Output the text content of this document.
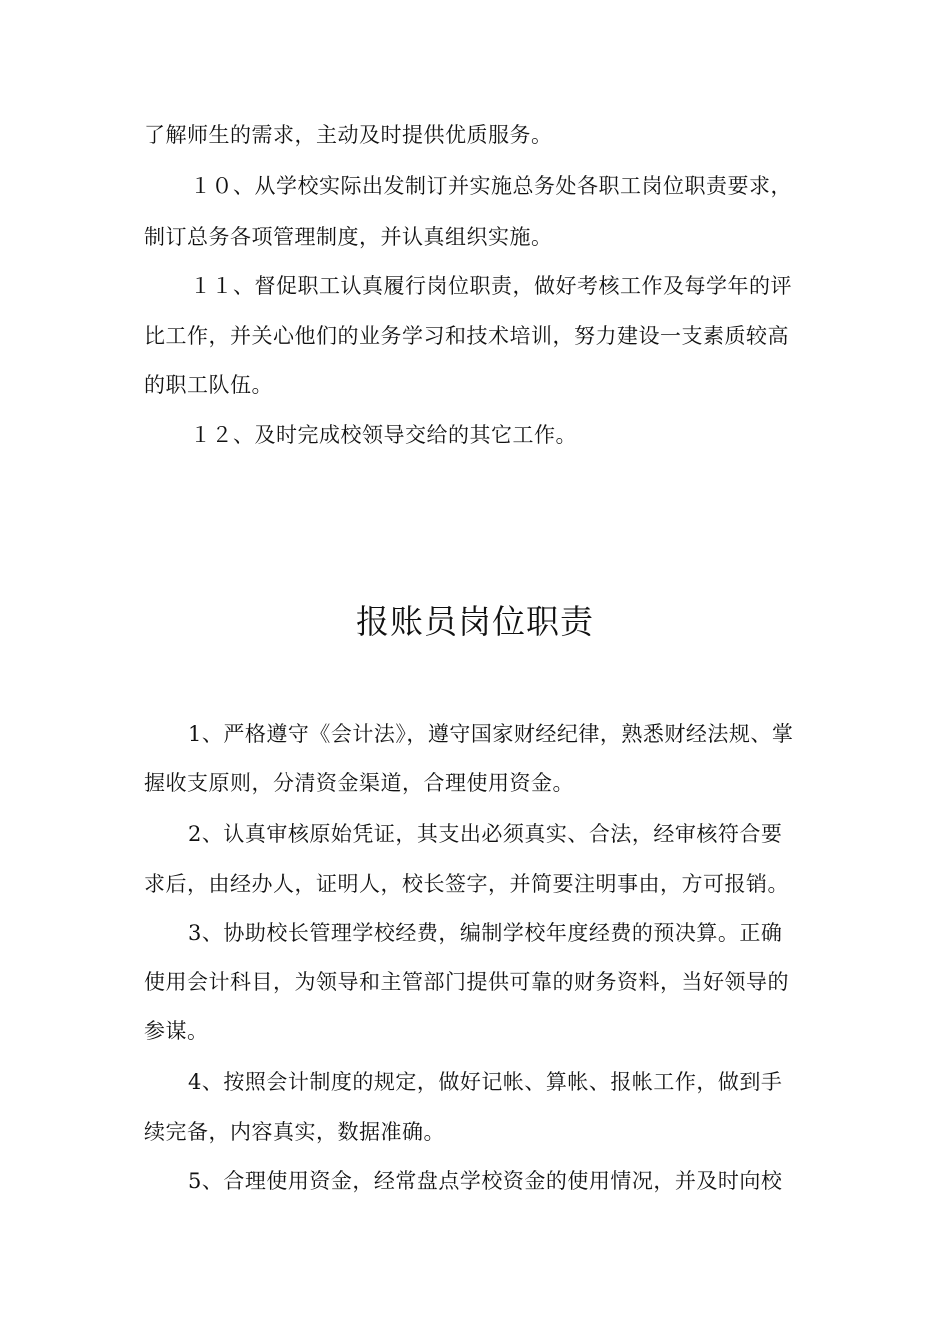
了解师生的需求，主动及时提供优质服务。
１０、从学校实际出发制订并实施总务处各职工岗位职责要求，
制订总务各项管理制度，并认真组织实施。
１１、督促职工认真履行岗位职责，做好考核工作及每学年的评
比工作，并关心他们的业务学习和技术培训，努力建设一支素质较高
的职工队伍。
１２、及时完成校领导交给的其它工作。
报账员岗位职责
1、严格遵守《会计法》，遵守国家财经纪律，熟悉财经法规、掌
握收支原则，分清资金渠道，合理使用资金。
2、认真审核原始凭证，其支出必须真实、合法，经审核符合要
求后，由经办人，证明人，校长签字，并简要注明事由，方可报销。
3、协助校长管理学校经费，编制学校年度经费的预决算。正确
使用会计科目，为领导和主管部门提供可靠的财务资料，当好领导的
参谋。
4、按照会计制度的规定，做好记帐、算帐、报帐工作，做到手
续完备，内容真实，数据准确。
5、合理使用资金，经常盘点学校资金的使用情况，并及时向校
